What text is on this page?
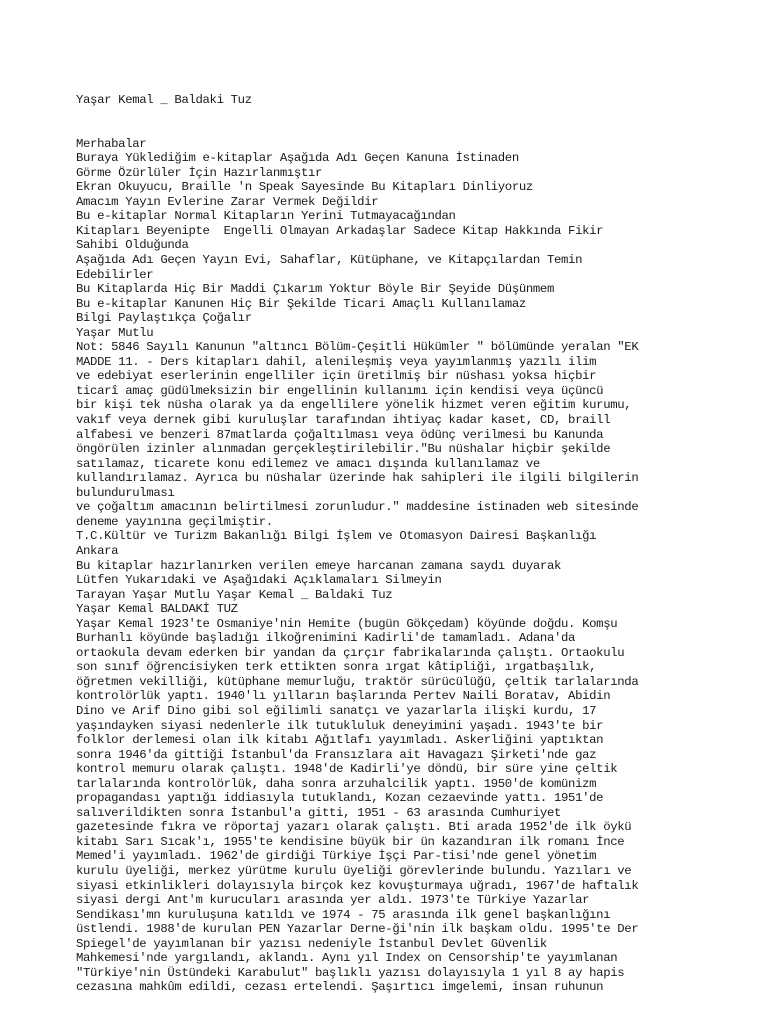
Yaşar Kemal _ Baldaki Tuz
Merhabalar
Buraya Yüklediğim e-kitaplar Aşağıda Adı Geçen Kanuna İstinaden
Görme Özürlüler İçin Hazırlanmıştır
Ekran Okuyucu, Braille 'n Speak Sayesinde Bu Kitapları Dinliyoruz
Amacım Yayın Evlerine Zarar Vermek Değildir
Bu e-kitaplar Normal Kitapların Yerini Tutmayacağından
Kitapları Beyenipte  Engelli Olmayan Arkadaşlar Sadece Kitap Hakkında Fikir
Sahibi Olduğunda
Aşağıda Adı Geçen Yayın Evi, Sahaflar, Kütüphane, ve Kitapçılardan Temin
Edebilirler
Bu Kitaplarda Hiç Bir Maddi Çıkarım Yoktur Böyle Bir Şeyide Düşünmem
Bu e-kitaplar Kanunen Hiç Bir Şekilde Ticari Amaçlı Kullanılamaz
Bilgi Paylaştıkça Çoğalır
Yaşar Mutlu
Not: 5846 Sayılı Kanunun "altıncı Bölüm-Çeşitli Hükümler " bölümünde yeralan "EK
MADDE 11. - Ders kitapları dahil, alenileşmiş veya yayımlanmış yazılı ilim
ve edebiyat eserlerinin engelliler için üretilmiş bir nüshası yoksa hiçbir
ticarî amaç güdülmeksizin bir engellinin kullanımı için kendisi veya üçüncü
bir kişi tek nüsha olarak ya da engellilere yönelik hizmet veren eğitim kurumu,
vakıf veya dernek gibi kuruluşlar tarafından ihtiyaç kadar kaset, CD, braill
alfabesi ve benzeri 87matlarda çoğaltılması veya ödünç verilmesi bu Kanunda
öngörülen izinler alınmadan gerçekleştirilebilir."Bu nüshalar hiçbir şekilde
satılamaz, ticarete konu edilemez ve amacı dışında kullanılamaz ve
kullandırılamaz. Ayrıca bu nüshalar üzerinde hak sahipleri ile ilgili bilgilerin
bulundurulması
ve çoğaltım amacının belirtilmesi zorunludur." maddesine istinaden web sitesinde
deneme yayınına geçilmiştir.
T.C.Kültür ve Turizm Bakanlığı Bilgi İşlem ve Otomasyon Dairesi Başkanlığı
Ankara
Bu kitaplar hazırlanırken verilen emeye harcanan zamana saydı duyarak
Lütfen Yukarıdaki ve Aşağıdaki Açıklamaları Silmeyin
Tarayan Yaşar Mutlu Yaşar Kemal _ Baldaki Tuz
Yaşar Kemal BALDAKİ TUZ
Yaşar Kemal 1923'te Osmaniye'nin Hemite (bugün Gökçedam) köyünde doğdu. Komşu
Burhanlı köyünde başladığı ilkoğrenimini Kadirli'de tamamladı. Adana'da
ortaokula devam ederken bir yandan da çırçır fabrikalarında çalıştı. Ortaokulu
son sınıf öğrencisiyken terk ettikten sonra ırgat kâtipliği, ırgatbaşılık,
öğretmen vekilliği, kütüphane memurluğu, traktör sürücülüğü, çeltik tarlalarında
kontrolörlük yaptı. 1940'lı yılların başlarında Pertev Naili Boratav, Abidin
Dino ve Arif Dino gibi sol eğilimli sanatçı ve yazarlarla ilişki kurdu, 17
yaşındayken siyasi nedenlerle ilk tutukluluk deneyimini yaşadı. 1943'te bir
folklor derlemesi olan ilk kitabı Ağıtlafı yayımladı. Askerliğini yaptıktan
sonra 1946'da gittiği İstanbul'da Fransızlara ait Havagazı Şirketi'nde gaz
kontrol memuru olarak çalıştı. 1948'de Kadirli'ye döndü, bir süre yine çeltik
tarlalarında kontrolörlük, daha sonra arzuhalcilik yaptı. 1950'de komünizm
propagandası yaptığı iddiasıyla tutuklandı, Kozan cezaevinde yattı. 1951'de
salıverildikten sonra İstanbul'a gitti, 1951 - 63 arasında Cumhuriyet
gazetesinde fıkra ve röportaj yazarı olarak çalıştı. Bti arada 1952'de ilk öykü
kitabı Sarı Sıcak'ı, 1955'te kendisine büyük bir ün kazandıran ilk romanı İnce
Memed'i yayımladı. 1962'de girdiği Türkiye İşçi Par-tisi'nde genel yönetim
kurulu üyeliği, merkez yürütme kurulu üyeliği görevlerinde bulundu. Yazıları ve
siyasi etkinlikleri dolayısıyla birçok kez kovuşturmaya uğradı, 1967'de haftalık
siyasi dergi Ant'm kurucuları arasında yer aldı. 1973'te Türkiye Yazarlar
Sendikası'mn kuruluşuna katıldı ve 1974 - 75 arasında ilk genel başkanlığını
üstlendi. 1988'de kurulan PEN Yazarlar Derne-ği'nin ilk başkam oldu. 1995'te Der
Spiegel'de yayımlanan bir yazısı nedeniyle İstanbul Devlet Güvenlik
Mahkemesi'nde yargılandı, aklandı. Aynı yıl Index on Censorship'te yayımlanan
"Türkiye'nin Üstündeki Karabulut" başlıklı yazısı dolayısıyla 1 yıl 8 ay hapis
cezasına mahkûm edildi, cezası ertelendi. Şaşırtıcı imgelemi, insan ruhunun
